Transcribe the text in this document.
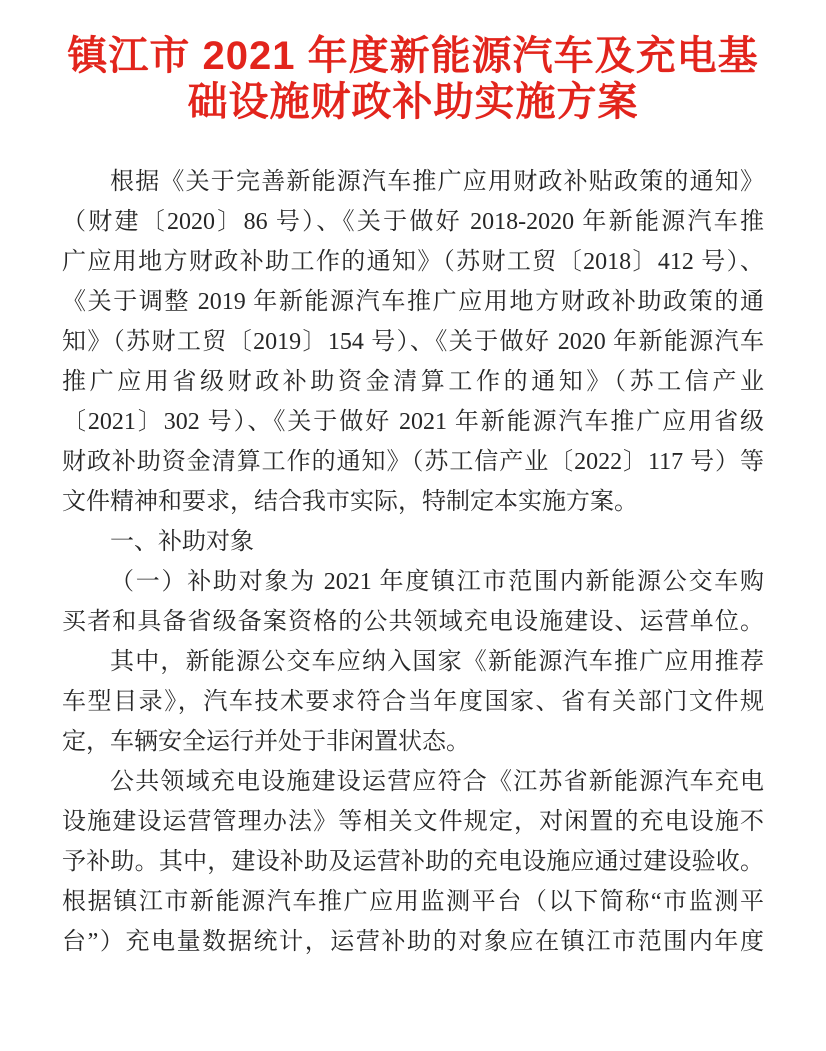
镇江市 2021 年度新能源汽车及充电基
础设施财政补助实施方案
根据《关于完善新能源汽车推广应用财政补贴政策的通知》
（财建〔2020〕86 号）、《关于做好 2018-2020 年新能源汽车推
广应用地方财政补助工作的通知》（苏财工贸〔2018〕412 号）、
《关于调整 2019 年新能源汽车推广应用地方财政补助政策的通
知》（苏财工贸〔2019〕154 号）、《关于做好 2020 年新能源汽车
推广应用省级财政补助资金清算工作的通知》（苏工信产业
〔2021〕302 号）、《关于做好 2021 年新能源汽车推广应用省级
财政补助资金清算工作的通知》（苏工信产业〔2022〕117 号）等
文件精神和要求，结合我市实际，特制定本实施方案。
一、补助对象
（一）补助对象为 2021 年度镇江市范围内新能源公交车购
买者和具备省级备案资格的公共领域充电设施建设、运营单位。
其中，新能源公交车应纳入国家《新能源汽车推广应用推荐
车型目录》，汽车技术要求符合当年度国家、省有关部门文件规
定，车辆安全运行并处于非闲置状态。
公共领域充电设施建设运营应符合《江苏省新能源汽车充电
设施建设运营管理办法》等相关文件规定，对闲置的充电设施不
予补助。其中，建设补助及运营补助的充电设施应通过建设验收。
根据镇江市新能源汽车推广应用监测平台（以下简称“市监测平
台”）充电量数据统计，运营补助的对象应在镇江市范围内年度
